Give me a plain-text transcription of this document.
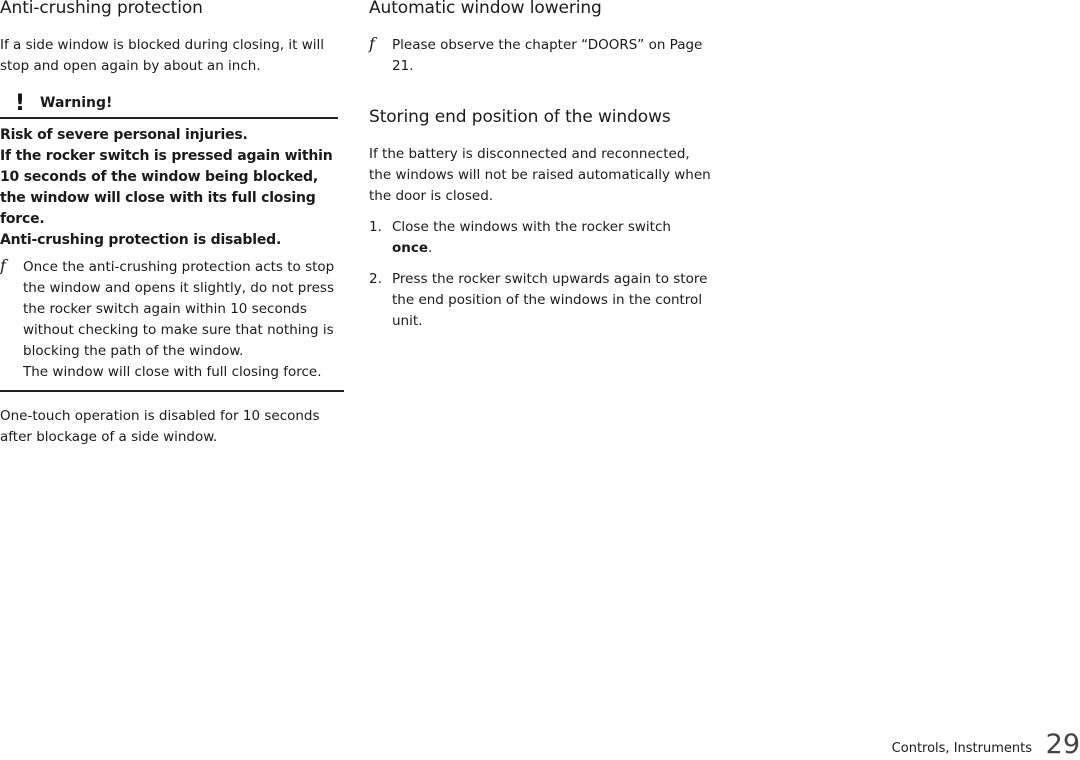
Anti-crushing protection

If a side window is blocked during closing, it will stop and open again by about an inch.

! Warning!

Risk of severe personal injuries.

If the rocker switch is pressed again within 10 seconds of the window being blocked, the window will close with its full closing force.

Anti-crushing protection is disabled.

f Once the anti-crushing protection acts to stop the window and opens it slightly, do not press the rocker switch again within 10 seconds without checking to make sure that nothing is blocking the path of the window.

The window will close with full closing force.

One-touch operation is disabled for 10 seconds after blockage of a side window.

Automatic window lowering
f Please observe the chapter “DOORS” on Page 21.

Storing end position of the windows

If the battery is disconnected and reconnected, the windows will not be raised automatically when the door is closed.

1. Close the windows with the rocker switch once.

2. Press the rocker switch upwards again to store the end position of the windows in the control unit.

Controls, Instruments 29
